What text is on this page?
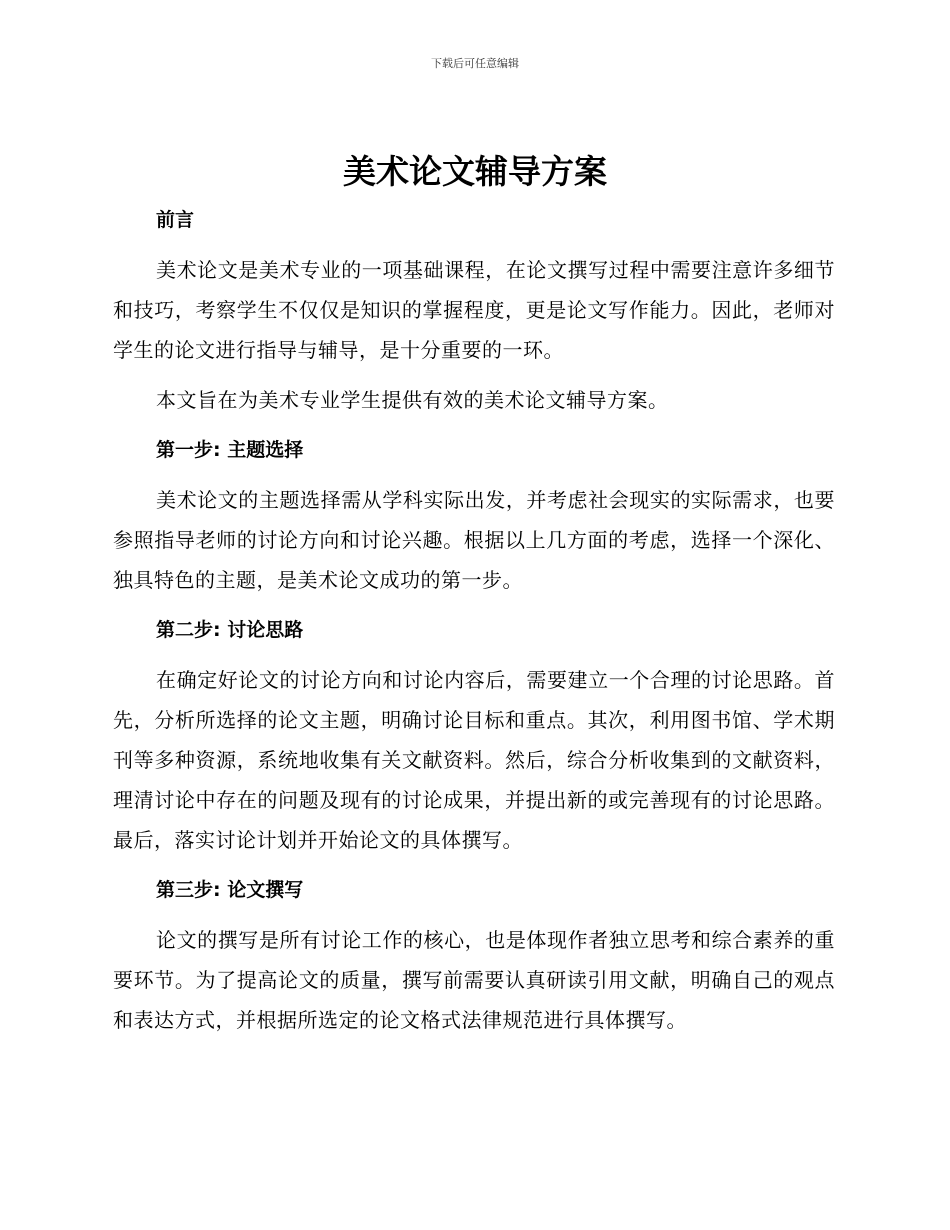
下载后可任意编辑
美术论文辅导方案
前言

美术论文是美术专业的一项基础课程，在论文撰写过程中需要注意许多细节和技巧，考察学生不仅仅是知识的掌握程度，更是论文写作能力。因此，老师对学生的论文进行指导与辅导，是十分重要的一环。

本文旨在为美术专业学生提供有效的美术论文辅导方案。

第一步: 主题选择

美术论文的主题选择需从学科实际出发，并考虑社会现实的实际需求，也要参照指导老师的讨论方向和讨论兴趣。根据以上几方面的考虑，选择一个深化、独具特色的主题，是美术论文成功的第一步。

第二步: 讨论思路

在确定好论文的讨论方向和讨论内容后，需要建立一个合理的讨论思路。首先，分析所选择的论文主题，明确讨论目标和重点。其次，利用图书馆、学术期刊等多种资源，系统地收集有关文献资料。然后，综合分析收集到的文献资料，理清讨论中存在的问题及现有的讨论成果，并提出新的或完善现有的讨论思路。最后，落实讨论计划并开始论文的具体撰写。

第三步: 论文撰写

论文的撰写是所有讨论工作的核心，也是体现作者独立思考和综合素养的重要环节。为了提高论文的质量，撰写前需要认真研读引用文献，明确自己的观点和表达方式，并根据所选定的论文格式法律规范进行具体撰写。
